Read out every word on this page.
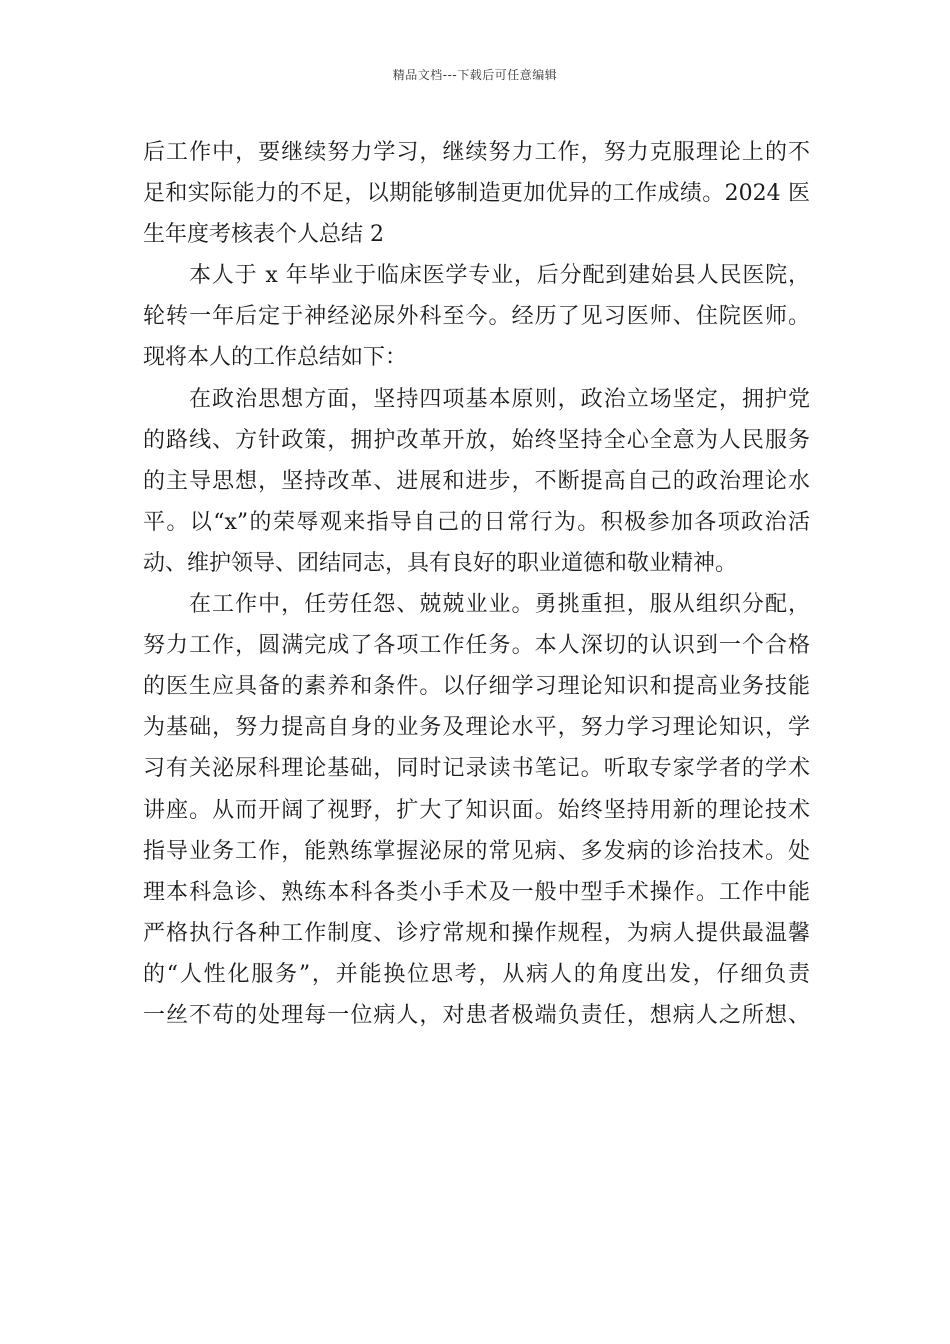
精品文档---下载后可任意编辑
后工作中，要继续努力学习，继续努力工作，努力克服理论上的不
足和实际能力的不足，以期能够制造更加优异的工作成绩。2024 医
生年度考核表个人总结 2
本人于 x 年毕业于临床医学专业，后分配到建始县人民医院，
轮转一年后定于神经泌尿外科至今。经历了见习医师、住院医师。
现将本人的工作总结如下：
在政治思想方面，坚持四项基本原则，政治立场坚定，拥护党
的路线、方针政策，拥护改革开放，始终坚持全心全意为人民服务
的主导思想，坚持改革、进展和进步，不断提高自己的政治理论水
平。以“x”的荣辱观来指导自己的日常行为。积极参加各项政治活
动、维护领导、团结同志，具有良好的职业道德和敬业精神。
在工作中，任劳任怨、兢兢业业。勇挑重担，服从组织分配，
努力工作，圆满完成了各项工作任务。本人深切的认识到一个合格
的医生应具备的素养和条件。以仔细学习理论知识和提高业务技能
为基础，努力提高自身的业务及理论水平，努力学习理论知识，学
习有关泌尿科理论基础，同时记录读书笔记。听取专家学者的学术
讲座。从而开阔了视野，扩大了知识面。始终坚持用新的理论技术
指导业务工作，能熟练掌握泌尿的常见病、多发病的诊治技术。处
理本科急诊、熟练本科各类小手术及一般中型手术操作。工作中能
严格执行各种工作制度、诊疗常规和操作规程，为病人提供最温馨
的“人性化服务”，并能换位思考，从病人的角度出发，仔细负责
一丝不苟的处理每一位病人，对患者极端负责任，想病人之所想、
